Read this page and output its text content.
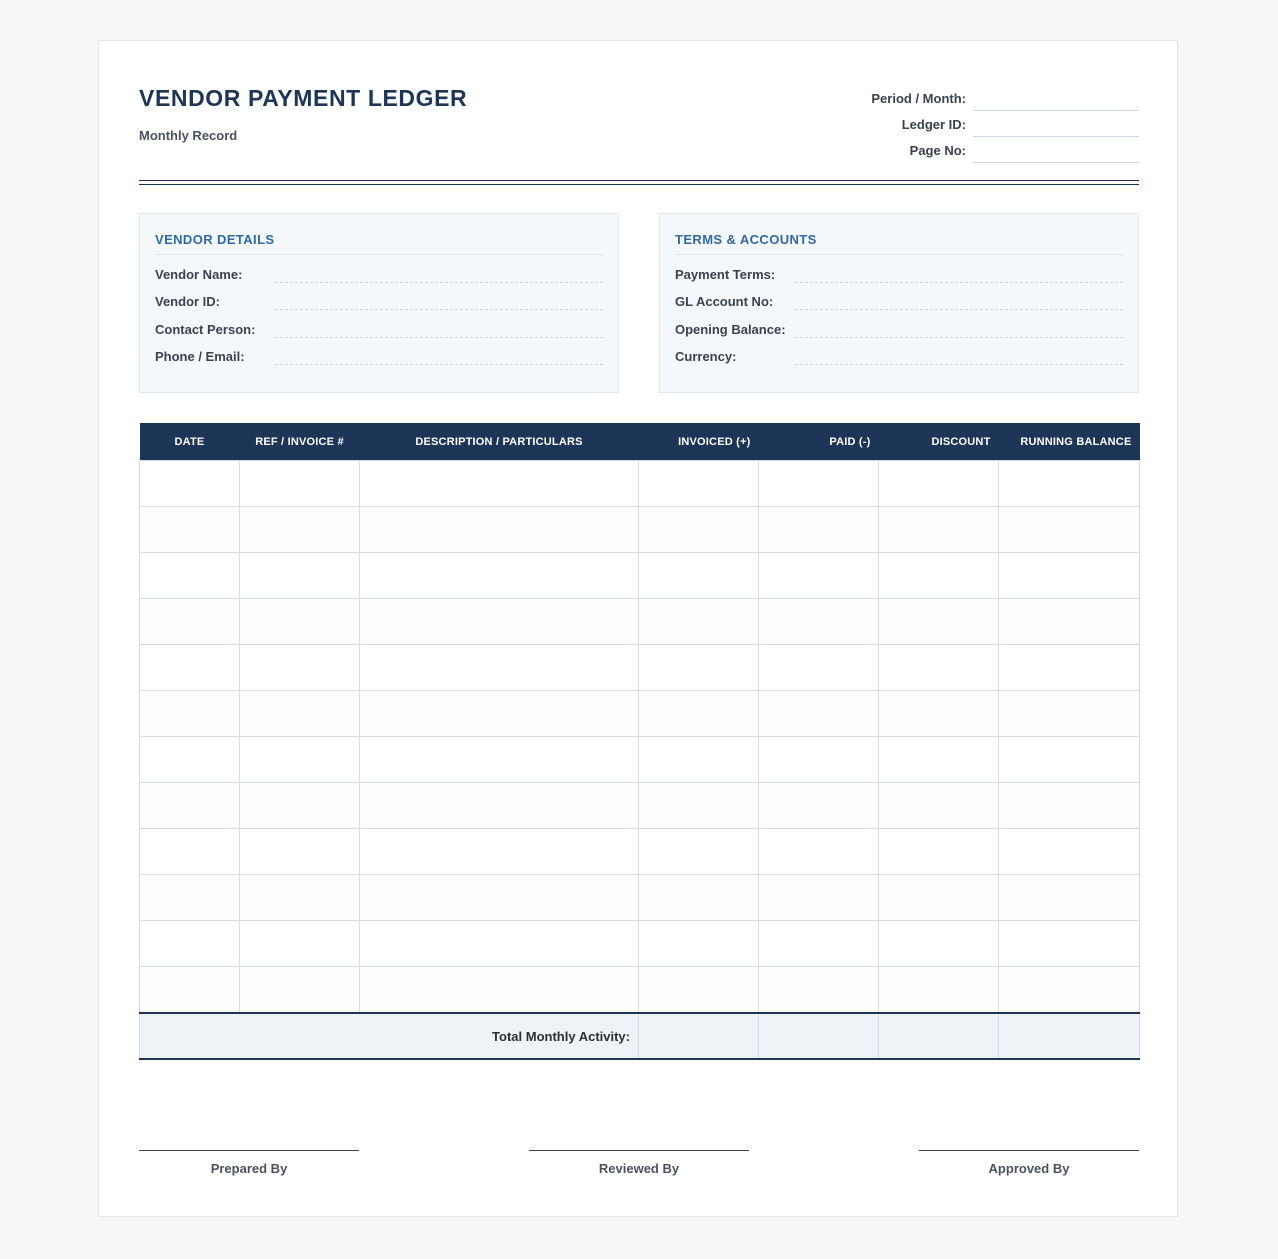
VENDOR PAYMENT LEDGER
Monthly Record
Period / Month:
Ledger ID:
Page No:
VENDOR DETAILS
Vendor Name:
Vendor ID:
Contact Person:
Phone / Email:
TERMS & ACCOUNTS
Payment Terms:
GL Account No:
Opening Balance:
Currency:
DATE	REF / INVOICE #	DESCRIPTION / PARTICULARS	INVOICED (+)	PAID (-)	DISCOUNT	RUNNING BALANCE

Total Monthly Activity:						
Prepared By	Reviewed By	Approved By
